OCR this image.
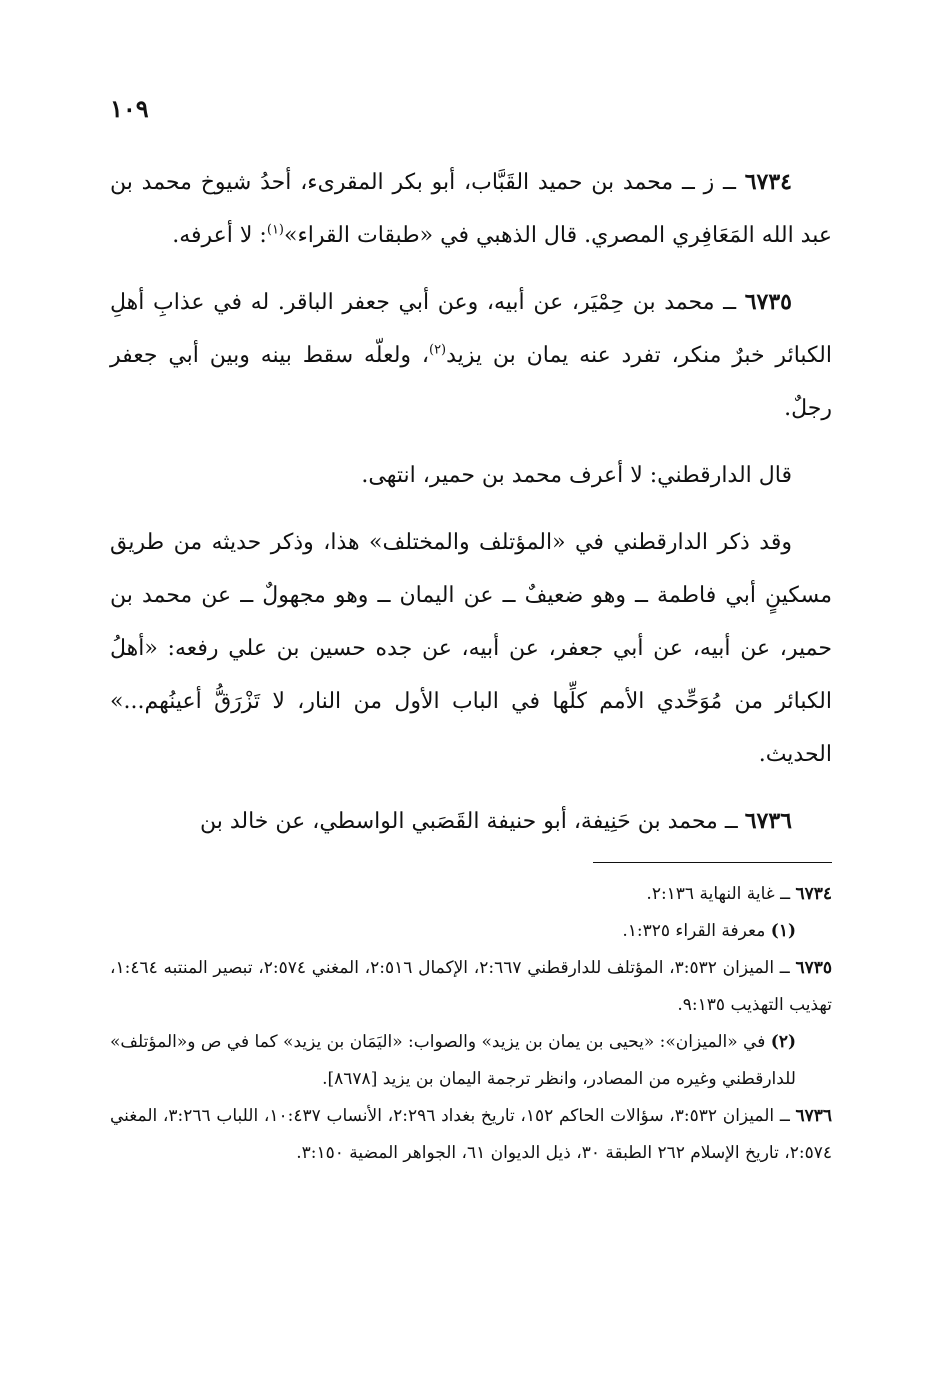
١٠٩

٦٧٣٤ ــ ز ــ محمد بن حميد القَبَّاب، أبو بكر المقرىء، أحدُ شيوخ محمد بن عبد الله المَعَافِري المصري. قال الذهبي في «طبقات القراء»$^{(١)}$: لا أعرفه.

٦٧٣٥ ــ محمد بن حِمْيَر، عن أبيه، وعن أبي جعفر الباقر. له في عذابِ أهلِ الكبائر خبرٌ منكر، تفرد عنه يمان بن يزيد$^{(٢)}$، ولعلّه سقط بينه وبين أبي جعفر رجلٌ.

قال الدارقطني: لا أعرف محمد بن حمير، انتهى.

وقد ذكر الدارقطني في «المؤتلف والمختلف» هذا، وذكر حديثه من طريق مسكينٍ أبي فاطمة ــ وهو ضعيفٌ ــ عن اليمان ــ وهو مجهولٌ ــ عن محمد بن حمير، عن أبيه، عن أبي جعفر، عن أبيه، عن جده حسين بن علي رفعه: «أهلُ الكبائر من مُوَحِّدي الأمم كلِّها في الباب الأول من النار، لا تَزْرَقُّ أعينُهم...» الحديث.

٦٧٣٦ ــ محمد بن حَنِيفة، أبو حنيفة القَصَبي الواسطي، عن خالد بن

٦٧٣٤ ــ غاية النهاية ٢:١٣٦.

(١) معرفة القراء ١:٣٢٥.

٦٧٣٥ ــ الميزان ٣:٥٣٢، المؤتلف للدارقطني ٢:٦٦٧، الإكمال ٢:٥١٦، المغني ٢:٥٧٤، تبصير المنتبه ١:٤٦٤، تهذيب التهذيب ٩:١٣٥.

(٢) في «الميزان»: «يحيى بن يمان بن يزيد» والصواب: «اليَمَان بن يزيد» كما في ص و«المؤتلف» للدارقطني وغيره من المصادر، وانظر ترجمة اليمان بن يزيد [٨٦٧٨].

٦٧٣٦ ــ الميزان ٣:٥٣٢، سؤالات الحاكم ١٥٢، تاريخ بغداد ٢:٢٩٦، الأنساب ١٠:٤٣٧، اللباب ٣:٢٦٦، المغني ٢:٥٧٤، تاريخ الإسلام ٢٦٢ الطبقة ٣٠، ذيل الديوان ٦١، الجواهر المضية ٣:١٥٠.
